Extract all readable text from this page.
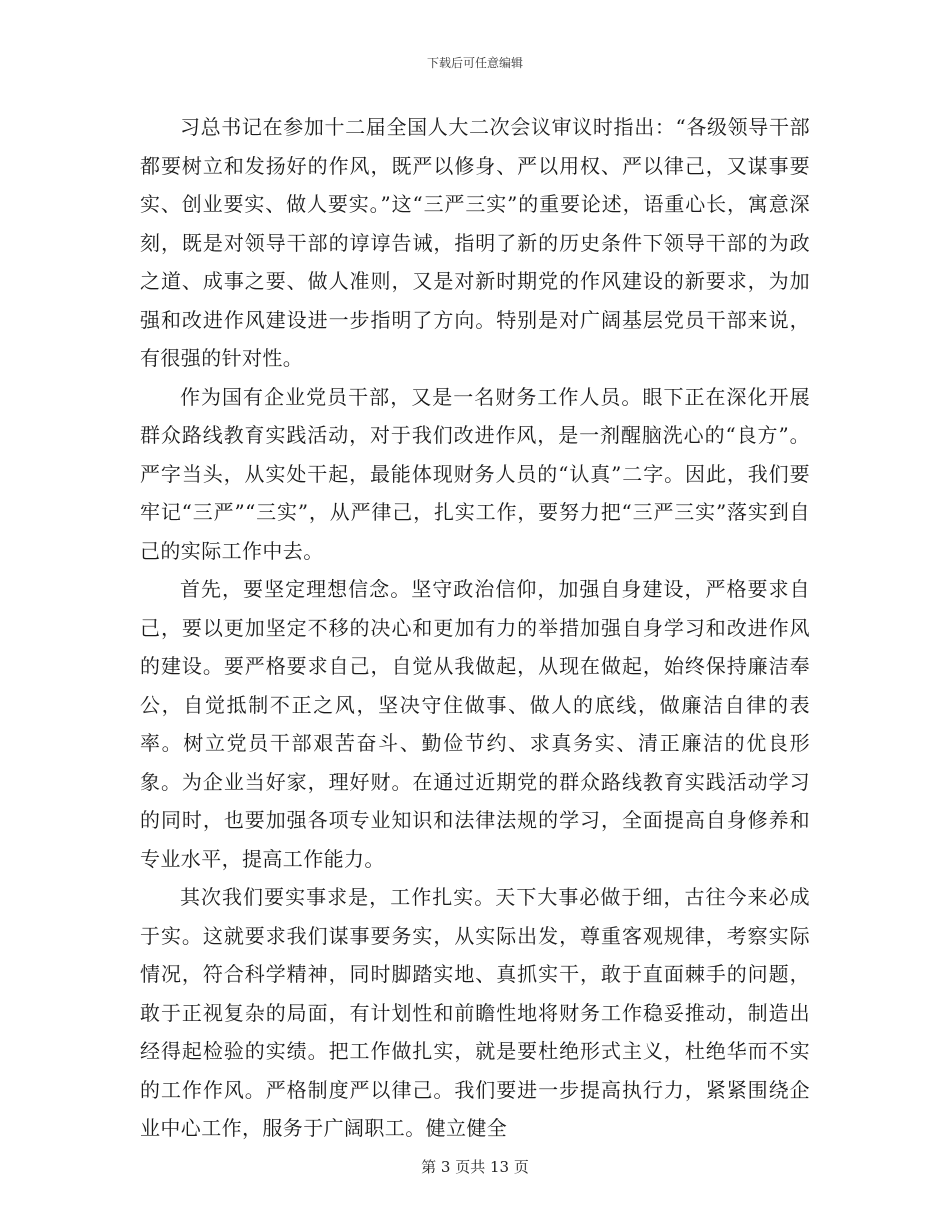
下载后可任意编辑

习总书记在参加十二届全国人大二次会议审议时指出：“各级领导干部都要树立和发扬好的作风，既严以修身、严以用权、严以律己，又谋事要实、创业要实、做人要实。”这“三严三实”的重要论述，语重心长，寓意深刻，既是对领导干部的谆谆告诫，指明了新的历史条件下领导干部的为政之道、成事之要、做人准则，又是对新时期党的作风建设的新要求，为加强和改进作风建设进一步指明了方向。特别是对广阔基层党员干部来说，有很强的针对性。

作为国有企业党员干部，又是一名财务工作人员。眼下正在深化开展群众路线教育实践活动，对于我们改进作风，是一剂醒脑洗心的“良方”。严字当头，从实处干起，最能体现财务人员的“认真”二字。因此，我们要牢记“三严”“三实”，从严律己，扎实工作，要努力把“三严三实”落实到自己的实际工作中去。

首先，要坚定理想信念。坚守政治信仰，加强自身建设，严格要求自己，要以更加坚定不移的决心和更加有力的举措加强自身学习和改进作风的建设。要严格要求自己，自觉从我做起，从现在做起，始终保持廉洁奉公，自觉抵制不正之风，坚决守住做事、做人的底线，做廉洁自律的表率。树立党员干部艰苦奋斗、勤俭节约、求真务实、清正廉洁的优良形象。为企业当好家，理好财。在通过近期党的群众路线教育实践活动学习的同时，也要加强各项专业知识和法律法规的学习，全面提高自身修养和专业水平，提高工作能力。

其次我们要实事求是，工作扎实。天下大事必做于细，古往今来必成于实。这就要求我们谋事要务实，从实际出发，尊重客观规律，考察实际情况，符合科学精神，同时脚踏实地、真抓实干，敢于直面棘手的问题，敢于正视复杂的局面，有计划性和前瞻性地将财务工作稳妥推动，制造出经得起检验的实绩。把工作做扎实，就是要杜绝形式主义，杜绝华而不实的工作作风。严格制度严以律己。我们要进一步提高执行力，紧紧围绕企业中心工作，服务于广阔职工。健立健全

第 3 页共 13 页
